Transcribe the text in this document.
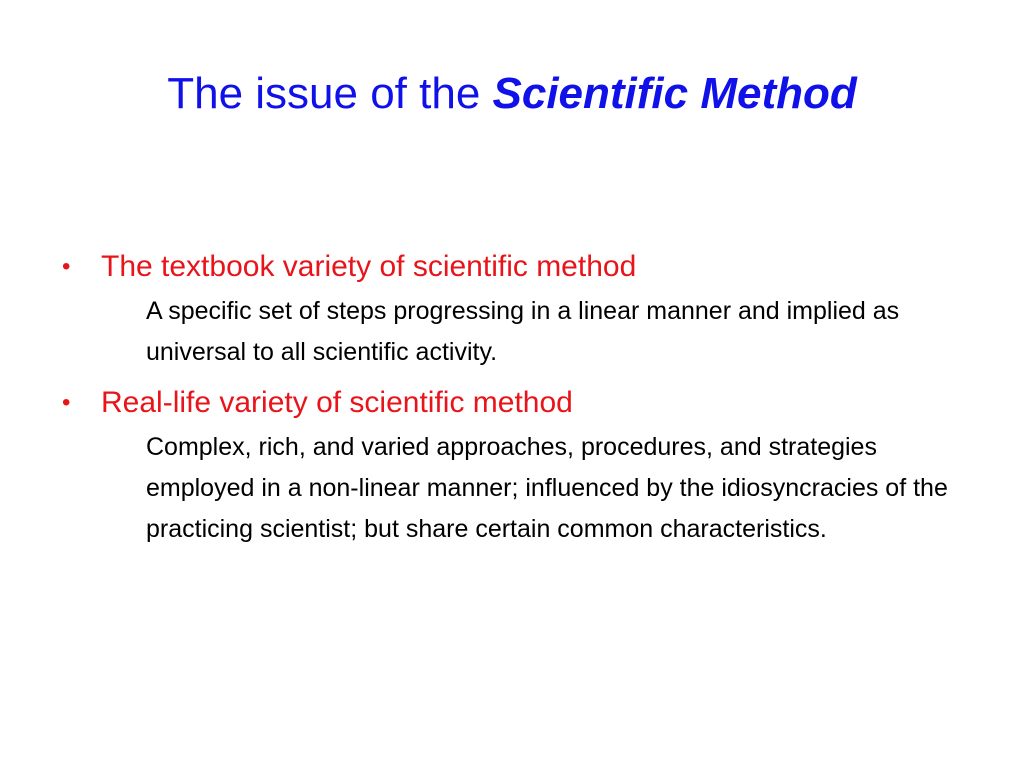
The issue of the Scientific Method
• The textbook variety of scientific method
A specific set of steps progressing in a linear manner and implied as universal to all scientific activity.
• Real-life variety of scientific method
Complex, rich, and varied approaches, procedures, and strategies employed in a non-linear manner; influenced by the idiosyncracies of the practicing scientist; but share certain common characteristics.
